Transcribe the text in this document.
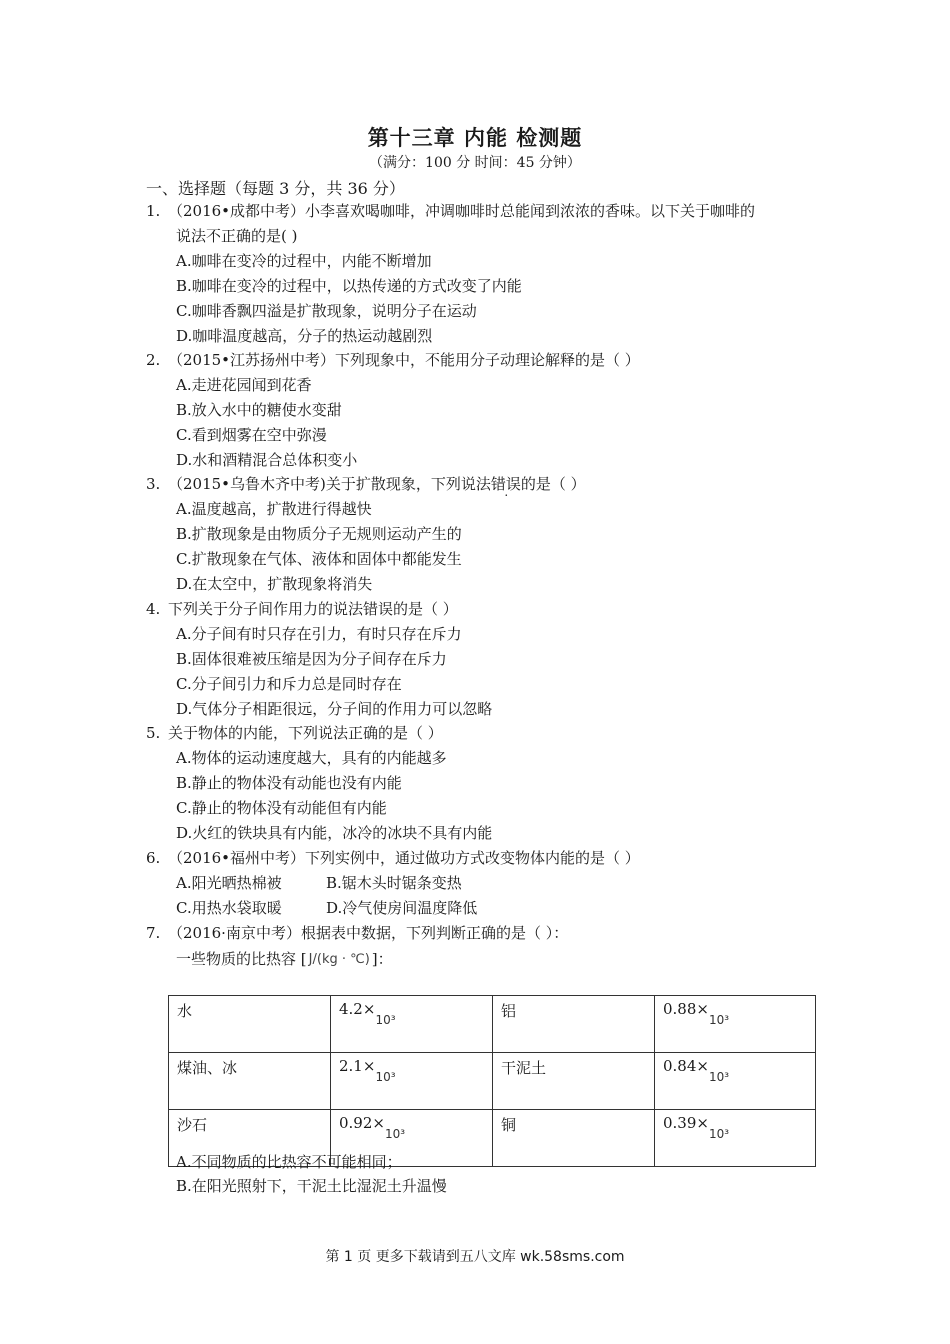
第十三章 内能 检测题
（满分：100 分 时间：45 分钟）
一、选择题（每题 3 分，共 36 分）
1. （2016•成都中考）小李喜欢喝咖啡，冲调咖啡时总能闻到浓浓的香味。以下关于咖啡的
说法不正确的是( )
A.咖啡在变冷的过程中，内能不断增加
B.咖啡在变冷的过程中，以热传递的方式改变了内能
C.咖啡香飘四溢是扩散现象，说明分子在运动
D.咖啡温度越高，分子的热运动越剧烈
2. （2015•江苏扬州中考）下列现象中，不能用分子动理论解释的是（ ）
A.走进花园闻到花香
B.放入水中的糖使水变甜
C.看到烟雾在空中弥漫
D.水和酒精混合总体积变小
3. （2015•乌鲁木齐中考)关于扩散现象，下列说法错误的是（ ）
A.温度越高，扩散进行得越快
B.扩散现象是由物质分子无规则运动产生的
C.扩散现象在气体、液体和固体中都能发生
D.在太空中，扩散现象将消失
4. 下列关于分子间作用力的说法错误的是（ ）
A.分子间有时只存在引力，有时只存在斥力
B.固体很难被压缩是因为分子间存在斥力
C.分子间引力和斥力总是同时存在
D.气体分子相距很远，分子间的作用力可以忽略
5. 关于物体的内能，下列说法正确的是（ ）
A.物体的运动速度越大，具有的内能越多
B.静止的物体没有动能也没有内能
C.静止的物体没有动能但有内能
D.火红的铁块具有内能，冰冷的冰块不具有内能
6. （2016•福州中考）下列实例中，通过做功方式改变物体内能的是（ ）
A.阳光晒热棉被	B.锯木头时锯条变热
C.用热水袋取暖	D.冷气使房间温度降低
7. （2016·南京中考）根据表中数据，下列判断正确的是（ ）：
一些物质的比热容 [ J/(kg · ℃) ]：
水	$4.2\times_{10^3}$	铝	$0.88\times_{10^3}$
煤油、冰	$2.1\times_{10^3}$	干泥土	$0.84\times_{10^3}$
沙石	$0.92\times_{10^3}$	铜	$0.39\times_{10^3}$
A.不同物质的比热容不可能相同；
B.在阳光照射下，干泥土比湿泥土升温慢
第 1 页 更多下载请到五八文库 wk.58sms.com
